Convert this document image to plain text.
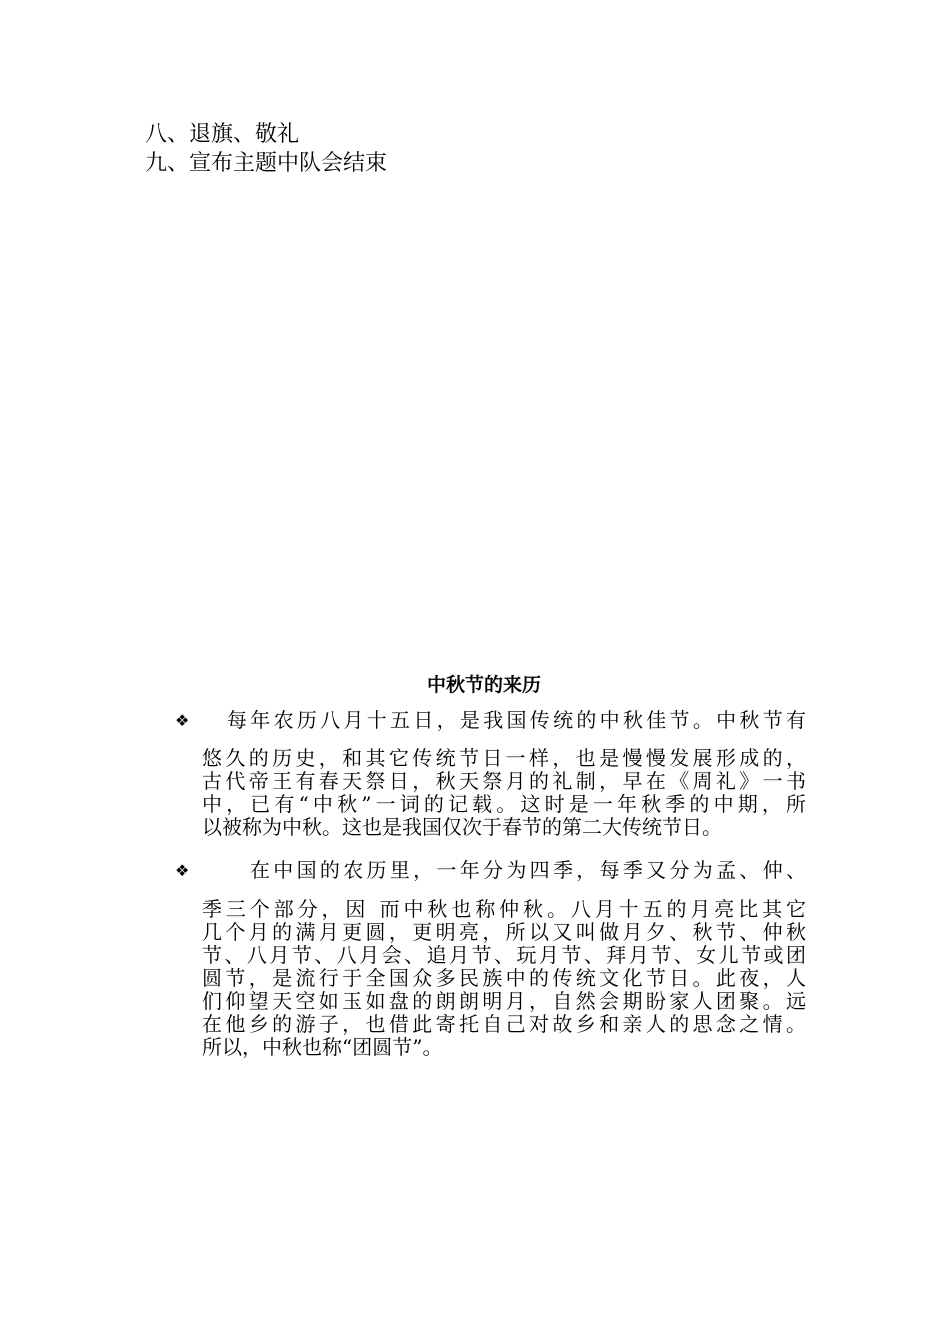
八、退旗、敬礼
九、宣布主题中队会结束
中秋节的来历
❖ 每年农历八月十五日，是我国传统的中秋佳节。中秋节有
悠久的历史，和其它传统节日一样，也是慢慢发展形成的，
古代帝王有春天祭日，秋天祭月的礼制，早在《周礼》一书
中，已有“中秋”一词的记载。这时是一年秋季的中期，所
以被称为中秋。这也是我国仅次于春节的第二大传统节日。
❖	在中国的农历里，一年分为四季，每季又分为孟、仲、
季三个部分，因 而中秋也称仲秋。八月十五的月亮比其它
几个月的满月更圆，更明亮，所以又叫做月夕、秋节、仲秋
节、八月节、八月会、追月节、玩月节、拜月节、女儿节或团
圆节，是流行于全国众多民族中的传统文化节日。此夜，人
们仰望天空如玉如盘的朗朗明月，自然会期盼家人团聚。远
在他乡的游子，也借此寄托自己对故乡和亲人的思念之情。
所以，中秋也称“团圆节”。
